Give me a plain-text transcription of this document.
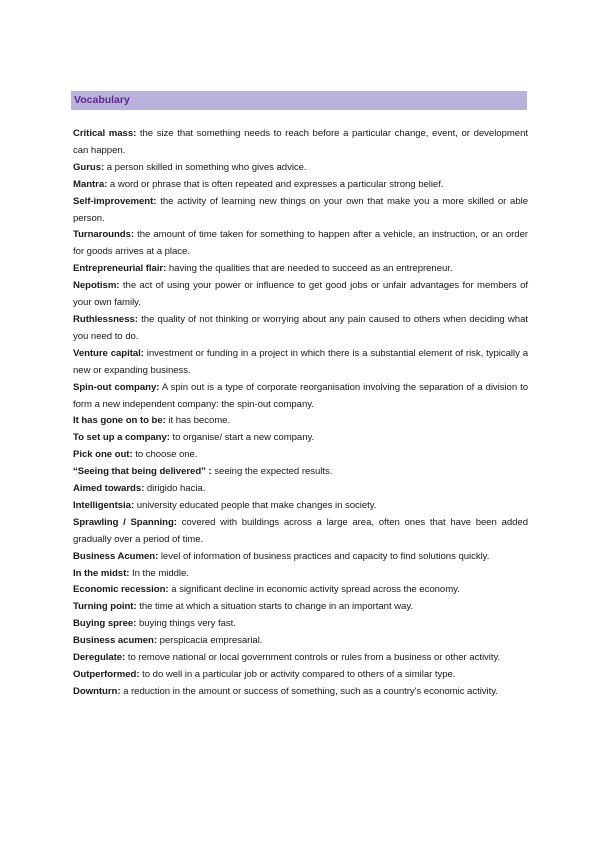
Vocabulary
Critical mass: the size that something needs to reach before a particular change, event, or development can happen.
Gurus: a person skilled in something who gives advice.
Mantra: a word or phrase that is often repeated and expresses a particular strong belief.
Self-improvement: the activity of learning new things on your own that make you a more skilled or able person.
Turnarounds: the amount of time taken for something to happen after a vehicle, an instruction, or an order for goods arrives at a place.
Entrepreneurial flair: having the qualities that are needed to succeed as an entrepreneur.
Nepotism: the act of using your power or influence to get good jobs or unfair advantages for members of your own family.
Ruthlessness: the quality of not thinking or worrying about any pain caused to others when deciding what you need to do.
Venture capital: investment or funding in a project in which there is a substantial element of risk, typically a new or expanding business.
Spin-out company: A spin out is a type of corporate reorganisation involving the separation of a division to form a new independent company: the spin-out company.
It has gone on to be: it has become.
To set up a company: to organise/ start a new company.
Pick one out: to choose one.
“Seeing that being delivered” : seeing the expected results.
Aimed towards: dirigido hacia.
Intelligentsia: university educated people that make changes in society.
Sprawling / Spanning: covered with buildings across a large area, often ones that have been added gradually over a period of time.
Business Acumen: level of information of business practices and capacity to find solutions quickly.
In the midst: In the middle.
Economic recession: a significant decline in economic activity spread across the economy.
Turning point: the time at which a situation starts to change in an important way.
Buying spree: buying things very fast.
Business acumen: perspicacia empresarial.
Deregulate: to remove national or local government controls or rules from a business or other activity.
Outperformed: to do well in a particular job or activity compared to others of a similar type.
Downturn: a reduction in the amount or success of something, such as a country's economic activity.
